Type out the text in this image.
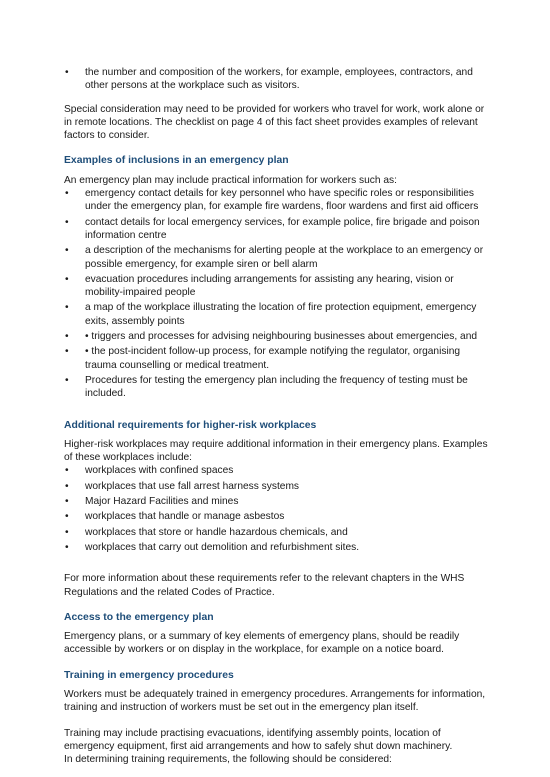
• the number and composition of the workers, for example, employees, contractors, and other persons at the workplace such as visitors.

Special consideration may need to be provided for workers who travel for work, work alone or in remote locations. The checklist on page 4 of this fact sheet provides examples of relevant factors to consider.

Examples of inclusions in an emergency plan

An emergency plan may include practical information for workers such as:

• emergency contact details for key personnel who have specific roles or responsibilities under the emergency plan, for example fire wardens, floor wardens and first aid officers
• contact details for local emergency services, for example police, fire brigade and poison information centre
• a description of the mechanisms for alerting people at the workplace to an emergency or possible emergency, for example siren or bell alarm
• evacuation procedures including arrangements for assisting any hearing, vision or mobility-impaired people
• a map of the workplace illustrating the location of fire protection equipment, emergency exits, assembly points
• • triggers and processes for advising neighbouring businesses about emergencies, and
• • the post-incident follow-up process, for example notifying the regulator, organising trauma counselling or medical treatment.
• Procedures for testing the emergency plan including the frequency of testing must be included.
Additional requirements for higher-risk workplaces

Higher-risk workplaces may require additional information in their emergency plans. Examples of these workplaces include:

• workplaces with confined spaces
• workplaces that use fall arrest harness systems
• Major Hazard Facilities and mines
• workplaces that handle or manage asbestos
• workplaces that store or handle hazardous chemicals, and
• workplaces that carry out demolition and refurbishment sites.

For more information about these requirements refer to the relevant chapters in the WHS Regulations and the related Codes of Practice.

Access to the emergency plan

Emergency plans, or a summary of key elements of emergency plans, should be readily accessible by workers or on display in the workplace, for example on a notice board.

Training in emergency procedures

Workers must be adequately trained in emergency procedures. Arrangements for information, training and instruction of workers must be set out in the emergency plan itself.

Training may include practising evacuations, identifying assembly points, location of emergency equipment, first aid arrangements and how to safely shut down machinery.

In determining training requirements, the following should be considered:
